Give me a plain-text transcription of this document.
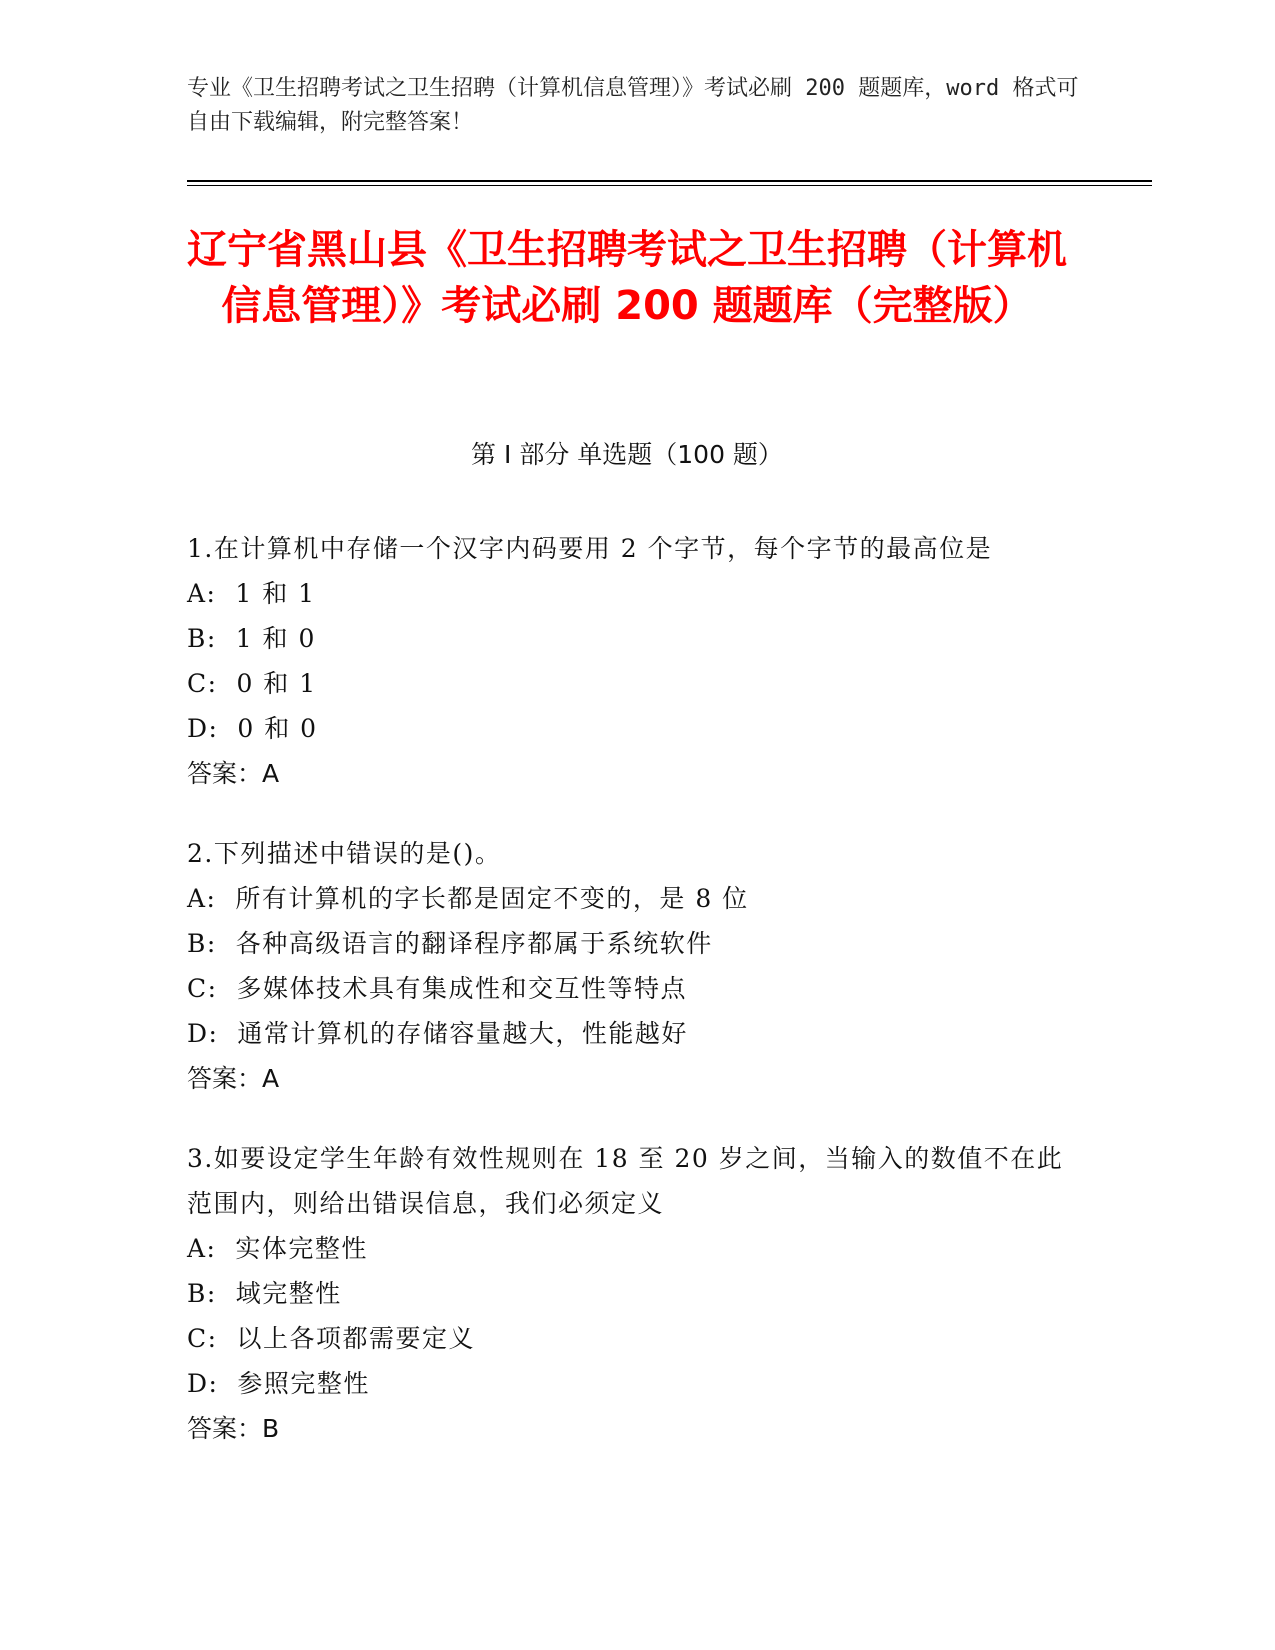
专业《卫生招聘考试之卫生招聘（计算机信息管理）》考试必刷 200 题题库，word 格式可自由下载编辑，附完整答案！
辽宁省黑山县《卫生招聘考试之卫生招聘（计算机信息管理）》考试必刷 200 题题库（完整版）
第 I 部分 单选题（100 题）

1.在计算机中存储一个汉字内码要用 2 个字节，每个字节的最高位是

A:  1 和 1

B:  1 和 0

C:  0 和 1

D:  0 和 0

答案：A

2.下列描述中错误的是()。

A:  所有计算机的字长都是固定不变的，是 8 位

B:  各种高级语言的翻译程序都属于系统软件

C:  多媒体技术具有集成性和交互性等特点

D:  通常计算机的存储容量越大，性能越好

答案：A

3.如要设定学生年龄有效性规则在 18 至 20 岁之间，当输入的数值不在此范围内，则给出错误信息，我们必须定义

A:  实体完整性

B:  域完整性

C:  以上各项都需要定义

D:  参照完整性

答案：B
